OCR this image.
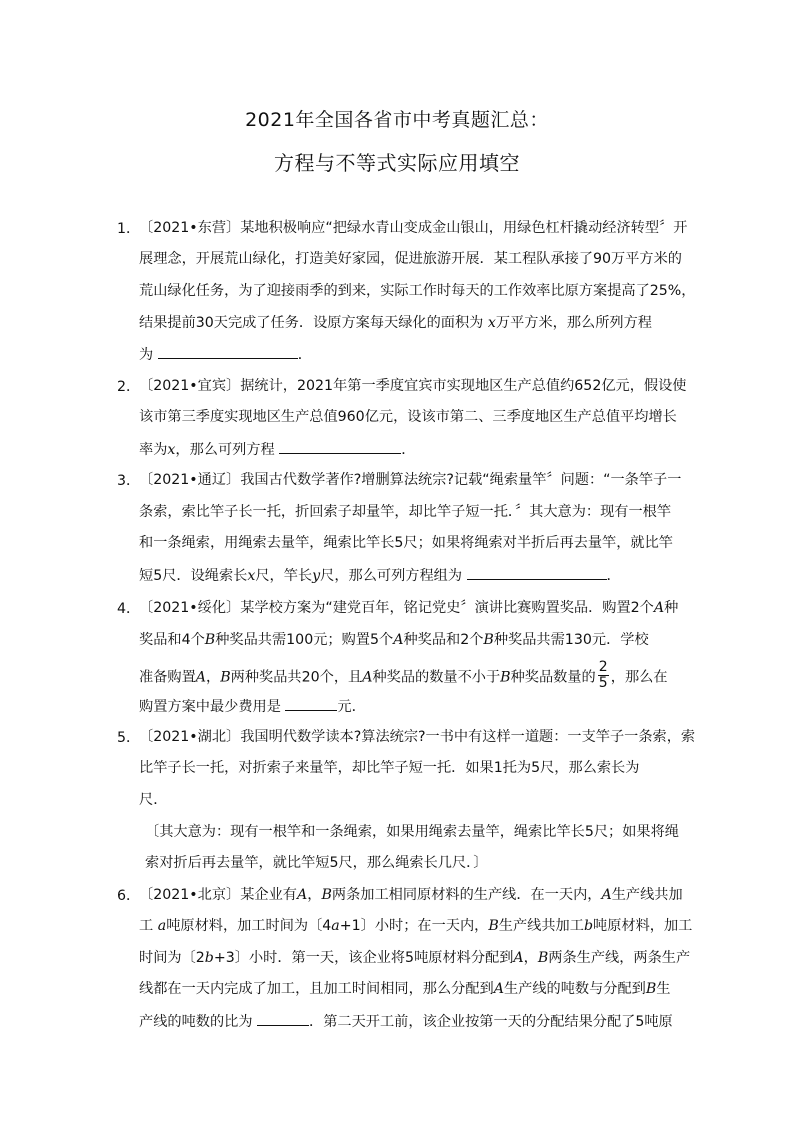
2021年全国各省市中考真题汇总：
方程与不等式实际应用填空
1．
〔2021•东营〕某地积极响应“把绿水青山变成金山银山，用绿色杠杆撬动经济转型〞开
展理念，开展荒山绿化，打造美好家园，促进旅游开展．某工程队承接了90万平方米的
荒山绿化任务，为了迎接雨季的到来，实际工作时每天的工作效率比原方案提高了25%，
结果提前30天完成了任务．设原方案每天绿化的面积为 x万平方米，那么所列方程
为	．
2．
〔2021•宜宾〕据统计，2021年第一季度宜宾市实现地区生产总值约652亿元，假设使
该市第三季度实现地区生产总值960亿元，设该市第二、三季度地区生产总值平均增长
率为x，那么可列方程	．
3．
〔2021•通辽〕我国古代数学著作?增删算法统宗?记载“绳索量竿〞问题：“一条竿子一
条索，索比竿子长一托，折回索子却量竿，却比竿子短一托．〞其大意为：现有一根竿
和一条绳索，用绳索去量竿，绳索比竿长5尺；如果将绳索对半折后再去量竿，就比竿
短5尺．设绳索长x尺，竿长y尺，那么可列方程组为	．
4．
〔2021•绥化〕某学校方案为“建党百年，铭记党史〞演讲比赛购置奖品．购置2个A种
奖品和4个B种奖品共需100元；购置5个A种奖品和2个B种奖品共需130元．学校
准备购置A，B两种奖品共20个，且A种奖品的数量不小于B种奖品数量的 $\frac{2}{5}$ ，那么在
购置方案中最少费用是	元．
5．
〔2021•湖北〕我国明代数学读本?算法统宗?一书中有这样一道题：一支竿子一条索，索
比竿子长一托，对折索子来量竿，却比竿子短一托．如果1托为5尺，那么索长为
尺．
〔其大意为：现有一根竿和一条绳索，如果用绳索去量竿，绳索比竿长5尺；如果将绳
索对折后再去量竿，就比竿短5尺，那么绳索长几尺．〕
6．
〔2021•北京〕某企业有A，B两条加工相同原材料的生产线．在一天内，A生产线共加
工 a吨原材料，加工时间为〔4a+1〕小时；在一天内，B生产线共加工b吨原材料，加工
时间为〔2b+3〕小时．第一天，该企业将5吨原材料分配到A，B两条生产线，两条生产
线都在一天内完成了加工，且加工时间相同，那么分配到A生产线的吨数与分配到B生
产线的吨数的比为	．第二天开工前，该企业按第一天的分配结果分配了5吨原
